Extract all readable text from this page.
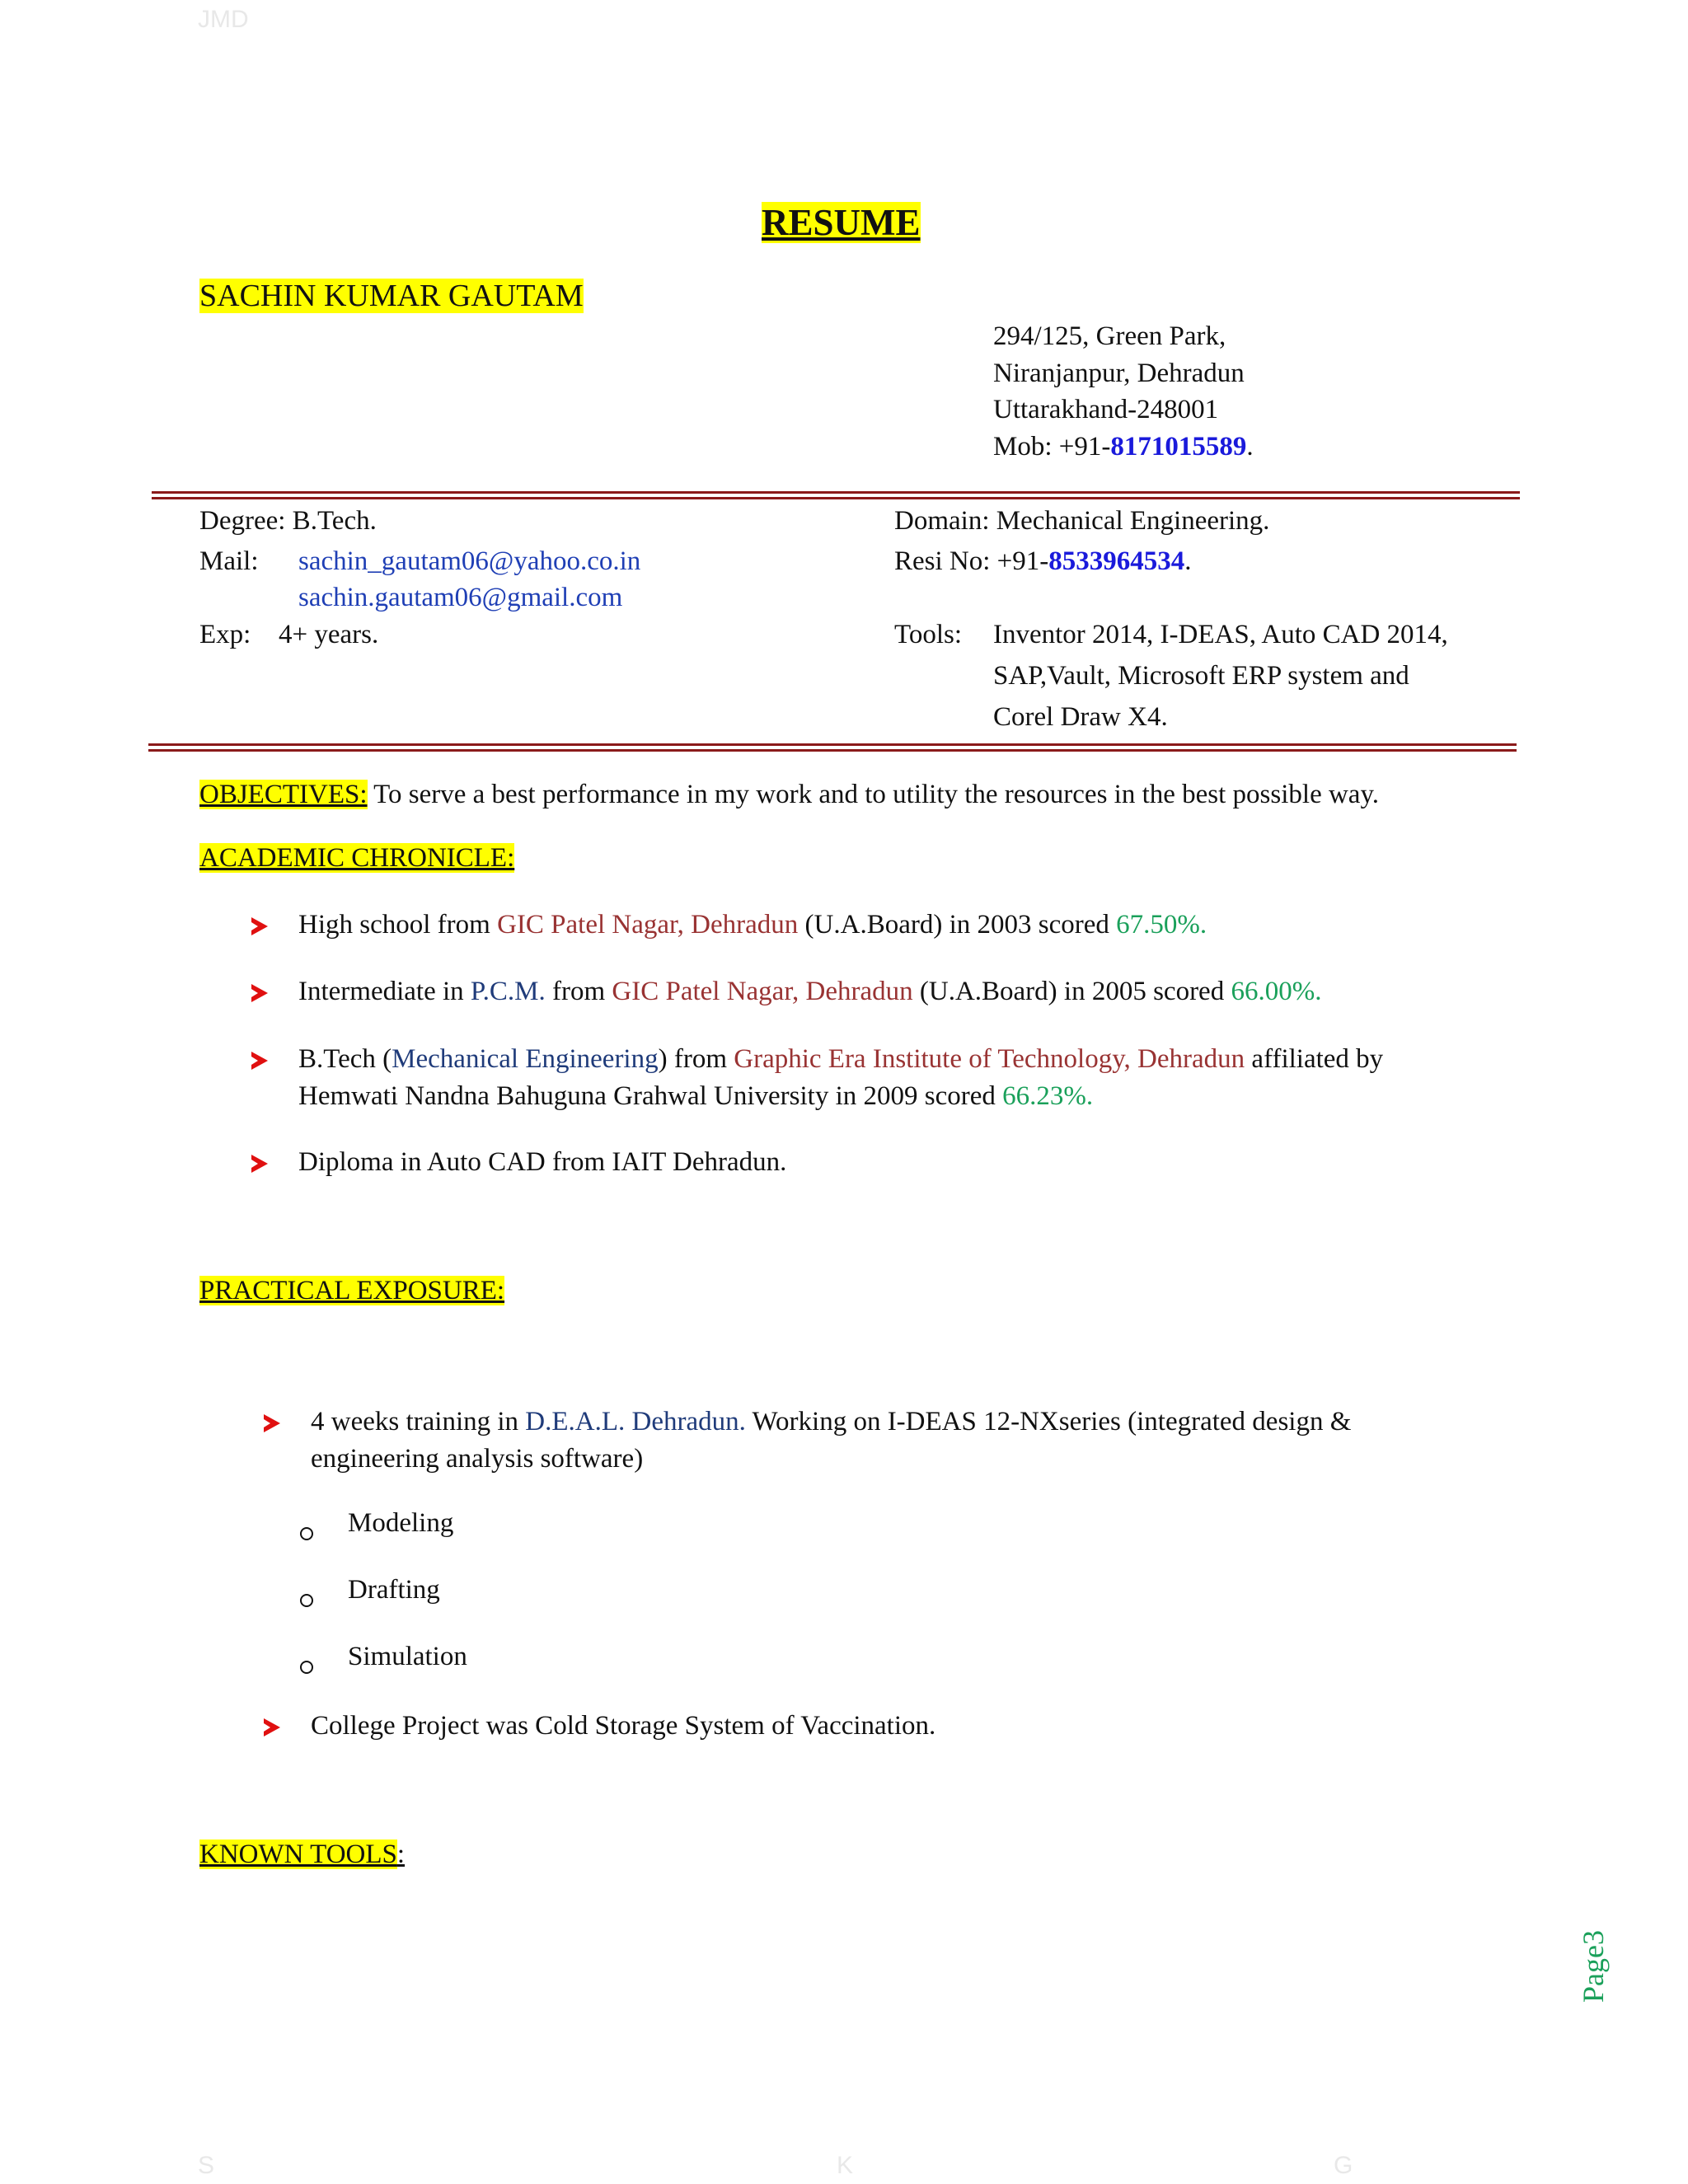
JMD
S	K	G
RESUME
SACHIN KUMAR GAUTAM
294/125, Green Park,
Niranjanpur, Dehradun
Uttarakhand-248001
Mob: +91-8171015589.
Degree: B.Tech.
Mail: sachin_gautam06@yahoo.co.in
sachin.gautam06@gmail.com
Exp: 4+ years.
Domain: Mechanical Engineering.
Resi No: +91-8533964534.
Tools: Inventor 2014, I-DEAS, Auto CAD 2014,
SAP,Vault, Microsoft ERP system and
Corel Draw X4.
OBJECTIVES: To serve a best performance in my work and to utility the resources in the best possible way.
ACADEMIC CHRONICLE:
High school from GIC Patel Nagar, Dehradun (U.A.Board) in 2003 scored 67.50%.
Intermediate in P.C.M. from GIC Patel Nagar, Dehradun (U.A.Board) in 2005 scored 66.00%.
B.Tech (Mechanical Engineering) from Graphic Era Institute of Technology, Dehradun affiliated by
Hemwati Nandna Bahuguna Grahwal University in 2009 scored 66.23%.
Diploma in Auto CAD from IAIT Dehradun.
PRACTICAL EXPOSURE:
4 weeks training in D.E.A.L. Dehradun. Working on I-DEAS 12-NXseries (integrated design &
engineering analysis software)
Modeling
Drafting
Simulation
College Project was Cold Storage System of Vaccination.
KNOWN TOOLS:
Page3
